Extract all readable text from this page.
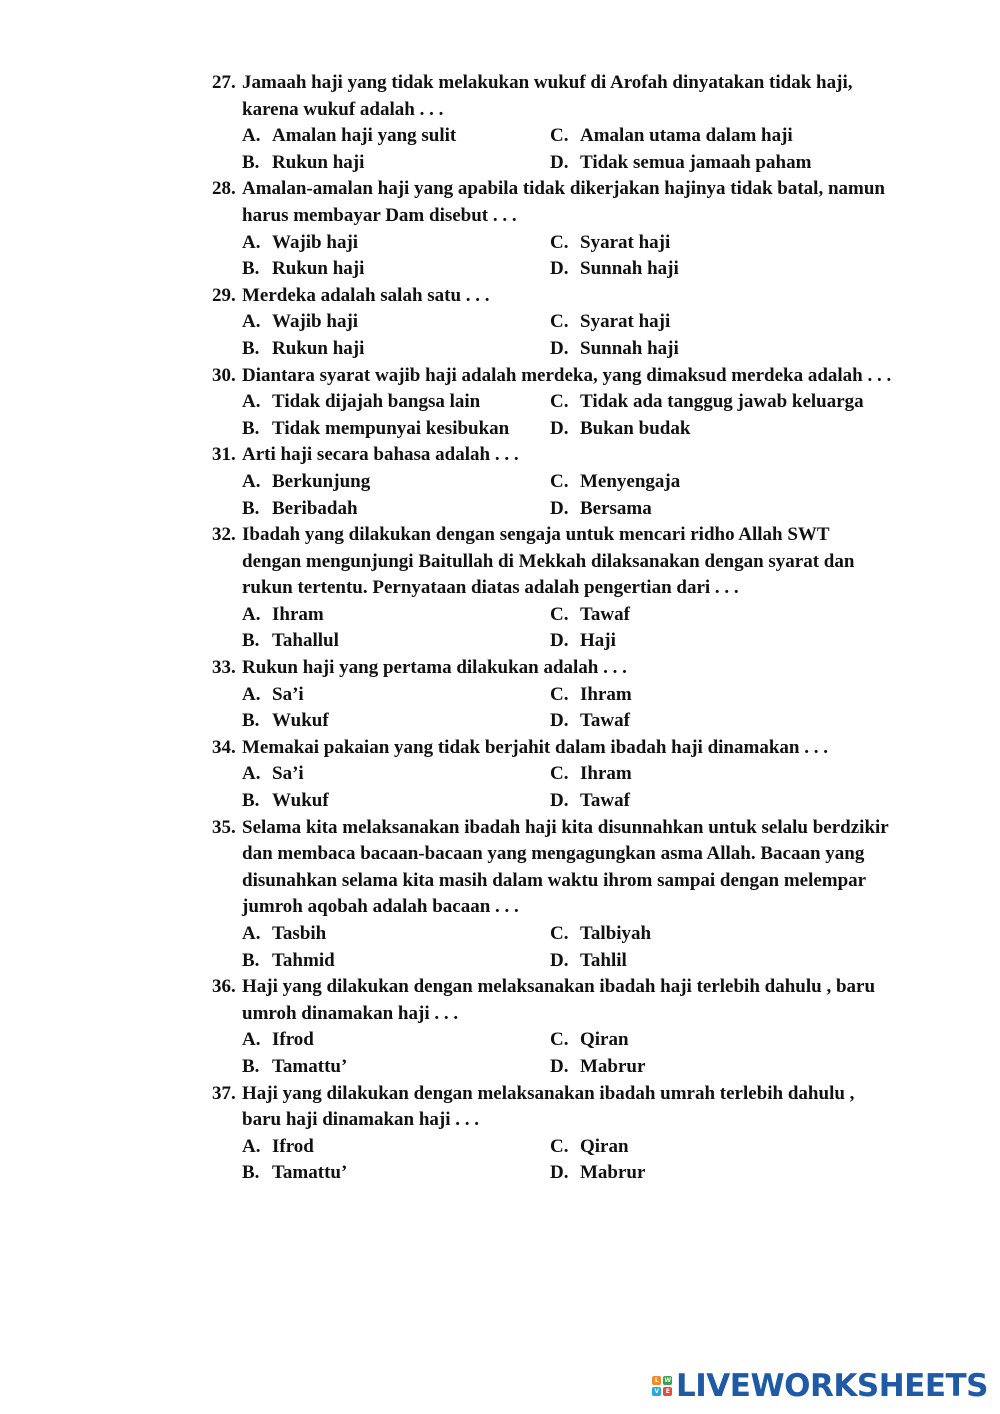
27. Jamaah haji yang tidak melakukan wukuf di Arofah dinyatakan tidak haji, karena wukuf adalah . . .
A. Amalan haji yang sulit	C. Amalan utama dalam haji
B. Rukun haji	D. Tidak semua jamaah paham
28. Amalan-amalan haji yang apabila tidak dikerjakan hajinya tidak batal, namun harus membayar Dam disebut . . .
A. Wajib haji	C. Syarat haji
B. Rukun haji	D. Sunnah haji
29. Merdeka adalah salah satu . . .
A. Wajib haji	C. Syarat haji
B. Rukun haji	D. Sunnah haji
30. Diantara syarat wajib haji adalah merdeka, yang dimaksud merdeka adalah . . .
A. Tidak dijajah bangsa lain	C. Tidak ada tanggug jawab keluarga
B. Tidak mempunyai kesibukan D. Bukan budak
31. Arti haji secara bahasa adalah . . .
A. Berkunjung	C. Menyengaja
B. Beribadah	D. Bersama
32. Ibadah yang dilakukan dengan sengaja untuk mencari ridho Allah SWT dengan mengunjungi Baitullah di Mekkah dilaksanakan dengan syarat dan rukun tertentu. Pernyataan diatas adalah pengertian dari . . .
A. Ihram	C. Tawaf
B. Tahallul	D. Haji
33. Rukun haji yang pertama dilakukan adalah . . .
A. Sa’i	C. Ihram
B. Wukuf	D. Tawaf
34. Memakai pakaian yang tidak berjahit dalam ibadah haji dinamakan . . .
A. Sa’i	C. Ihram
B. Wukuf	D. Tawaf
35. Selama kita melaksanakan ibadah haji kita disunnahkan untuk selalu berdzikir dan membaca bacaan-bacaan yang mengagungkan asma Allah. Bacaan yang disunahkan selama kita masih dalam waktu ihrom sampai dengan melempar jumroh aqobah adalah bacaan . . .
A. Tasbih	C. Talbiyah
B. Tahmid	D. Tahlil
36. Haji yang dilakukan dengan melaksanakan ibadah haji terlebih dahulu , baru umroh dinamakan haji . . .
A. Ifrod	C. Qiran
B. Tamattu’	D. Mabrur
37. Haji yang dilakukan dengan melaksanakan ibadah umrah terlebih dahulu , baru haji dinamakan haji . . .
A. Ifrod	C. Qiran
B. Tamattu’	D. Mabrur
L	W
V	E LIVEWORKSHEETS
